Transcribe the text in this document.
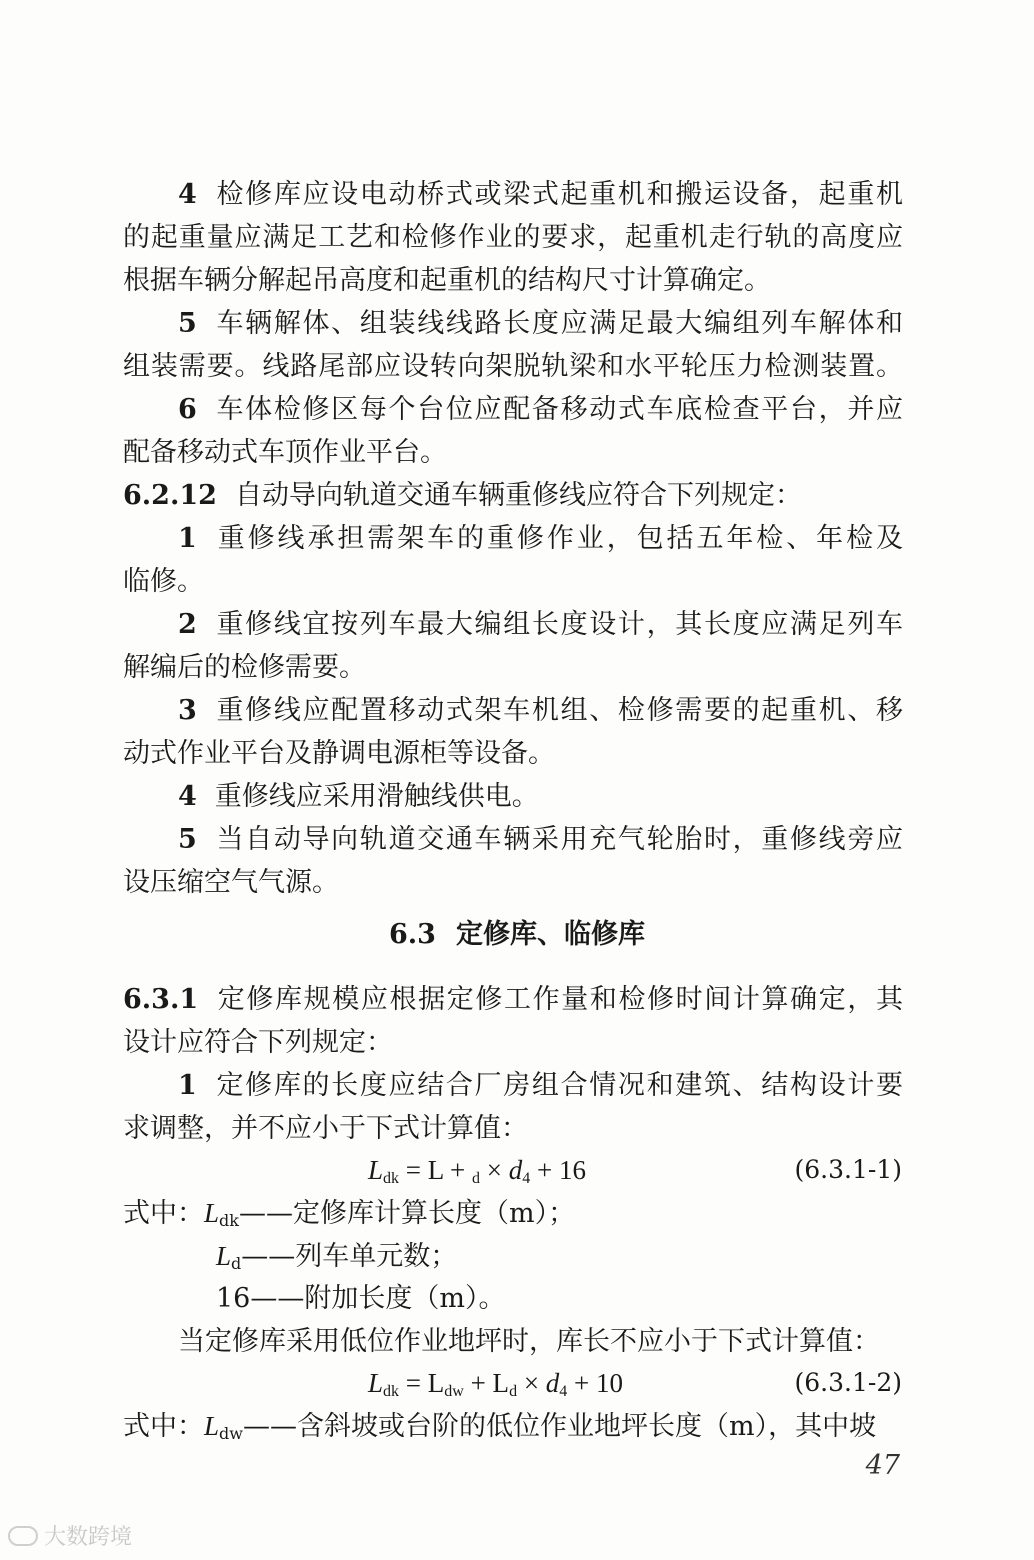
4 检修库应设电动桥式或梁式起重机和搬运设备，起重机
的起重量应满足工艺和检修作业的要求，起重机走行轨的高度应
根据车辆分解起吊高度和起重机的结构尺寸计算确定。
5 车辆解体、组装线线路长度应满足最大编组列车解体和
组装需要。线路尾部应设转向架脱轨梁和水平轮压力检测装置。
6 车体检修区每个台位应配备移动式车底检查平台，并应
配备移动式车顶作业平台。
6.2.12 自动导向轨道交通车辆重修线应符合下列规定：
1 重修线承担需架车的重修作业，包括五年检、年检及
临修。
2 重修线宜按列车最大编组长度设计，其长度应满足列车
解编后的检修需要。
3 重修线应配置移动式架车机组、检修需要的起重机、移
动式作业平台及静调电源柜等设备。
4 重修线应采用滑触线供电。
5 当自动导向轨道交通车辆采用充气轮胎时，重修线旁应
设压缩空气气源。
6.3 定修库、临修库
6.3.1 定修库规模应根据定修工作量和检修时间计算确定，其
设计应符合下列规定：
1 定修库的长度应结合厂房组合情况和建筑、结构设计要
求调整，并不应小于下式计算值：
$L_{dk} = L + _d \times d_4 + 16$	(6.3.1-1)
式中：$L_{dk}——$定修库计算长度（m）；
$L_d——$列车单元数；
16——附加长度（m）。
当定修库采用低位作业地坪时，库长不应小于下式计算值：
$L_{dk} = L_{dw} + L_d \times d_4 + 10$	(6.3.1-2)
式中：$L_{dw}——$含斜坡或台阶的低位作业地坪长度（m），其中坡
47
大数跨境
